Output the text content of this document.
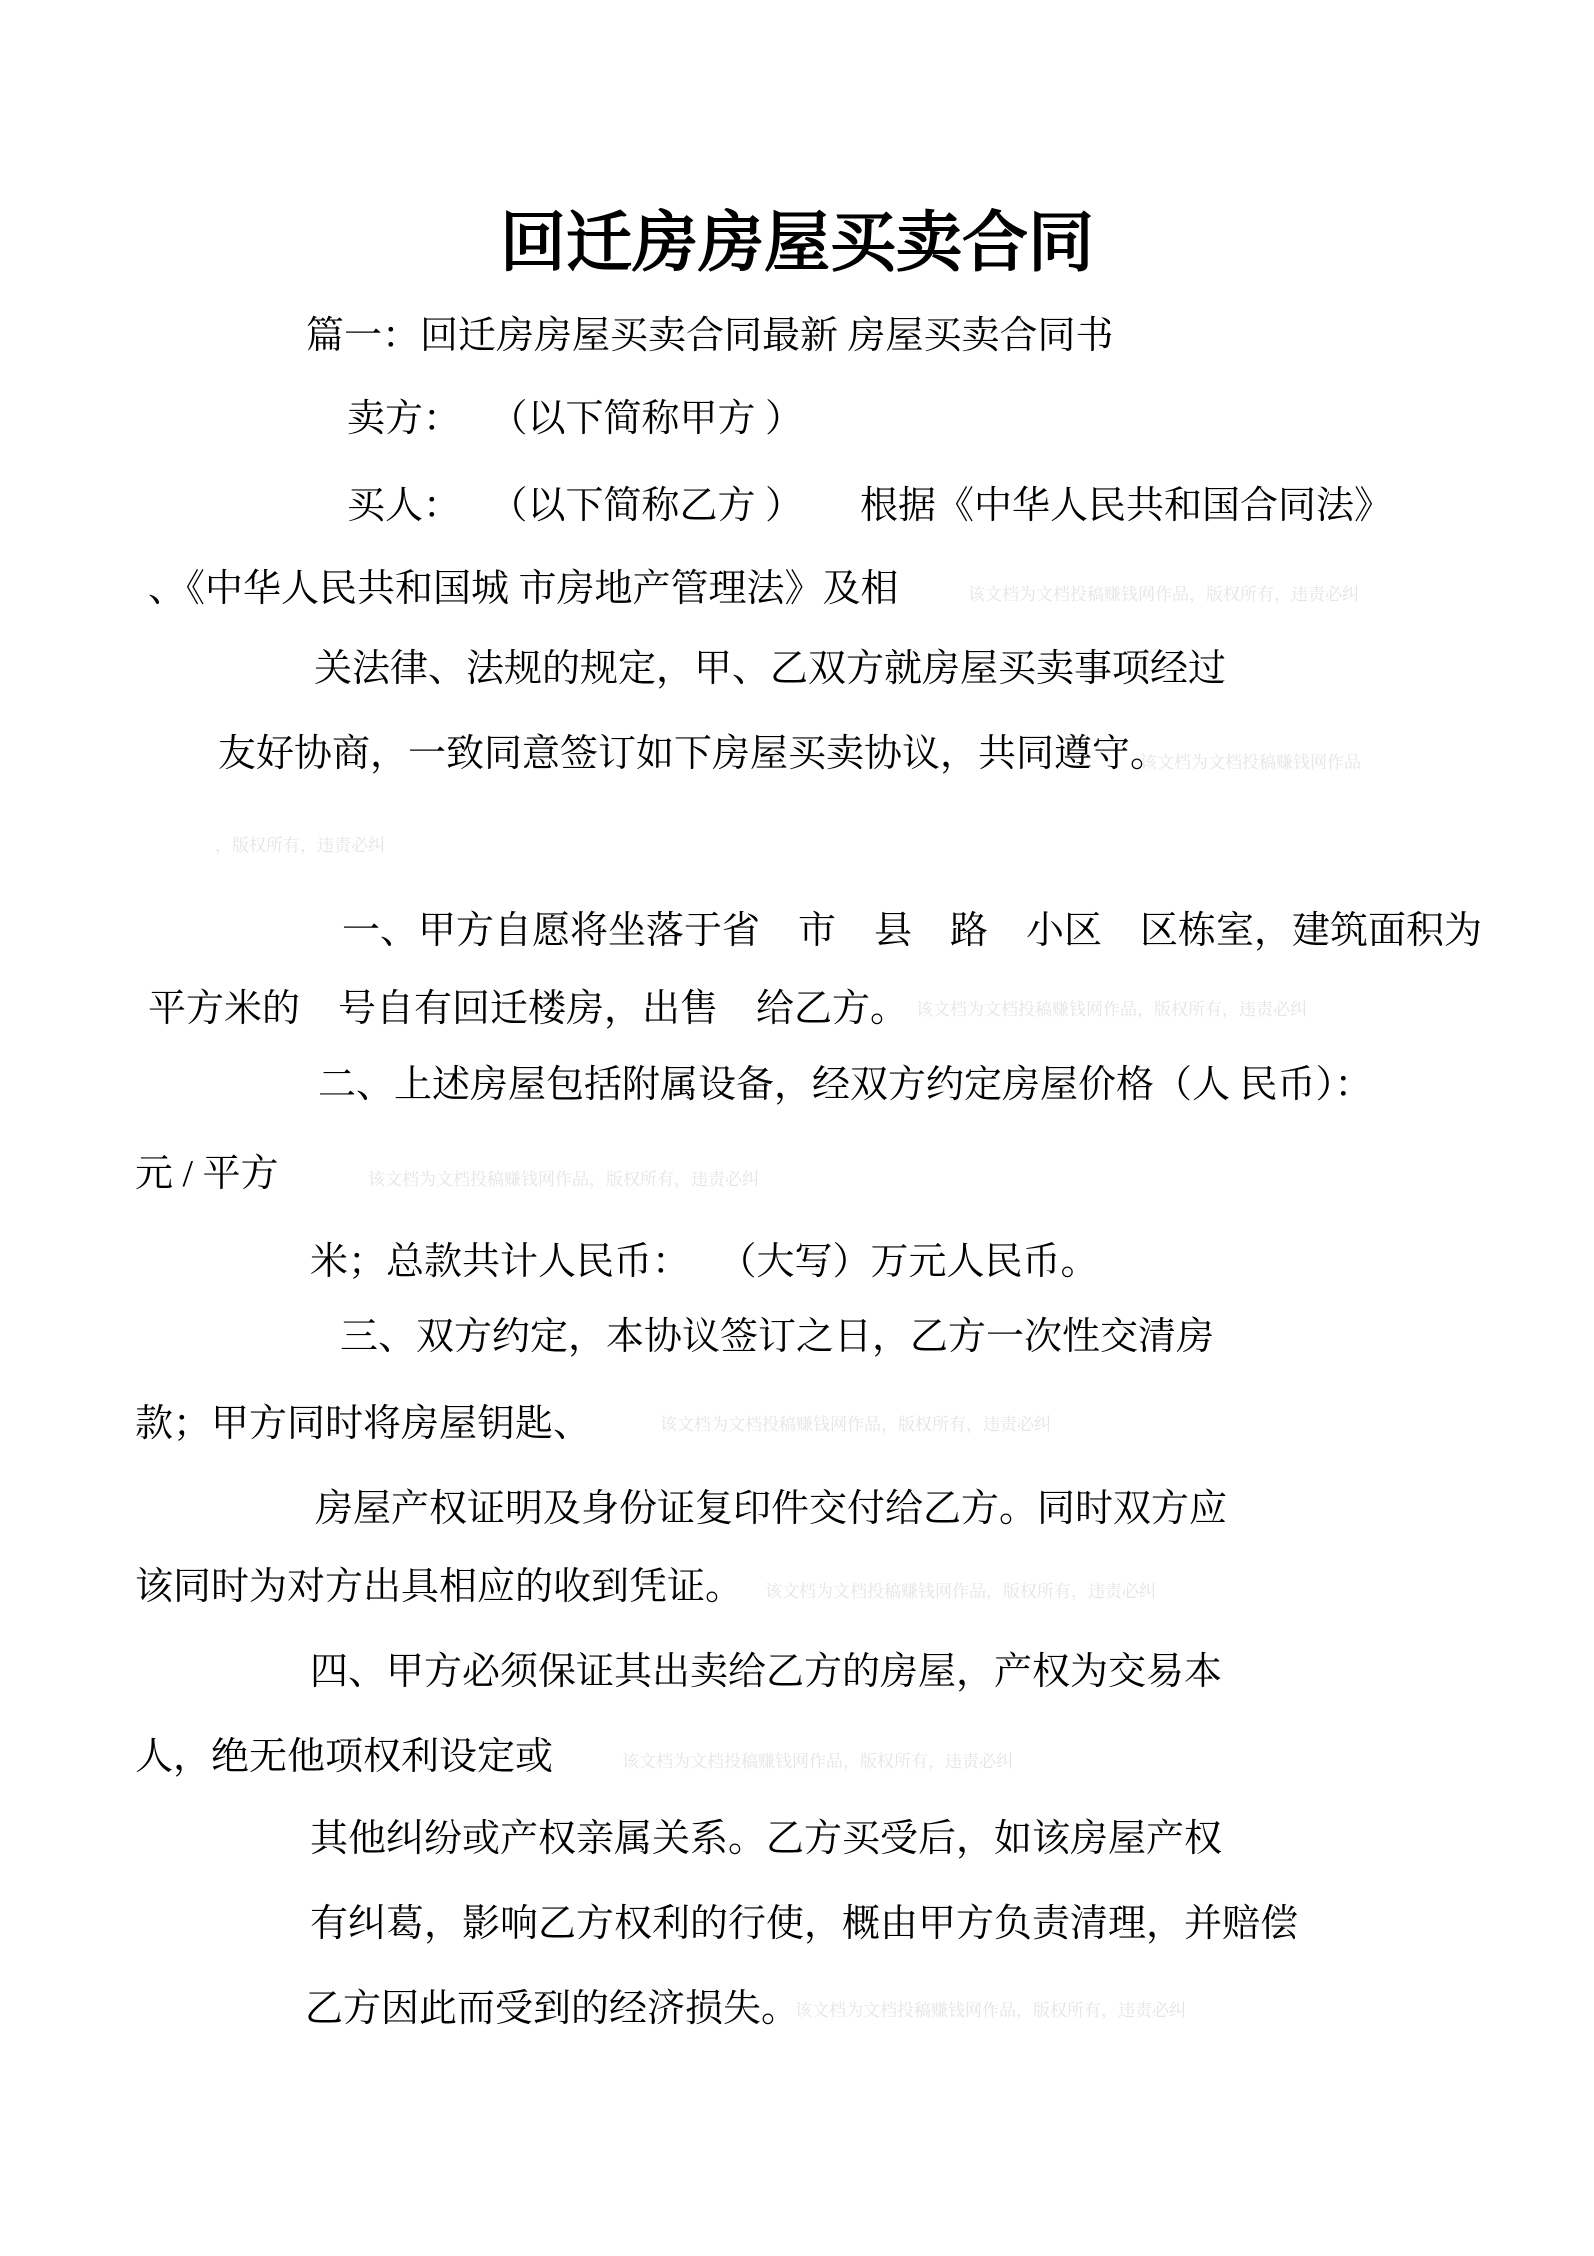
回迁房房屋买卖合同
篇一：回迁房房屋买卖合同最新 房屋买卖合同书
卖方：　 （以下简称甲方 ）
买人：　 （以下简称乙方 ）　　根据《中华人民共和国合同法》
、《中华人民共和国城 市房地产管理法》及相
关法律、法规的规定，甲、乙双方就房屋买卖事项经过
友好协商，一致同意签订如下房屋买卖协议，共同遵守。
一、甲方自愿将坐落于省　市　县　路　小区　区栋室，建筑面积为
平方米的　号自有回迁楼房，出售　给乙方。
二、上述房屋包括附属设备，经双方约定房屋价格（人 民币）：
元 / 平方
米；总款共计人民币：　 （大写）万元人民币。
三、双方约定，本协议签订之日，乙方一次性交清房
款；甲方同时将房屋钥匙、
房屋产权证明及身份证复印件交付给乙方。同时双方应
该同时为对方出具相应的收到凭证。
四、甲方必须保证其出卖给乙方的房屋，产权为交易本
人，绝无他项权利设定或
其他纠纷或产权亲属关系。乙方买受后，如该房屋产权
有纠葛，影响乙方权利的行使，概由甲方负责清理，并赔偿
乙方因此而受到的经济损失。
该文档为文档投稿赚钱网作品，版权所有，违责必纠
该文档为文档投稿赚钱网作品
，版权所有，违责必纠
该文档为文档投稿赚钱网作品，版权所有，违责必纠
该文档为文档投稿赚钱网作品，版权所有，违责必纠
该文档为文档投稿赚钱网作品，版权所有，违责必纠
该文档为文档投稿赚钱网作品，版权所有，违责必纠
该文档为文档投稿赚钱网作品，版权所有，违责必纠
该文档为文档投稿赚钱网作品，版权所有，违责必纠
